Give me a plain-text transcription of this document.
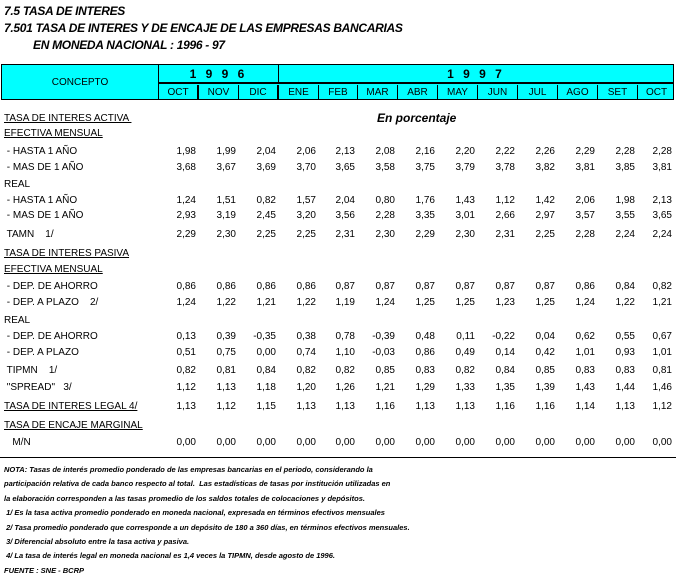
7.5 TASA DE INTERES
7.501 TASA DE INTERES Y DE ENCAJE DE LAS EMPRESAS BANCARIAS
EN MONEDA NACIONAL : 1996 - 97
CONCEPTO
1 9 9 6	1 9 9 7
OCT	NOV	DIC	ENE	FEB	MAR	ABR	MAY	JUN	JUL	AGO	SET	OCT
En porcentaje
TASA DE INTERES ACTIVA
EFECTIVA MENSUAL
- HASTA 1 AÑO	1,98	1,99	2,04	2,06	2,13	2,08	2,16	2,20	2,22	2,26	2,29	2,28	2,28
- MAS DE 1 AÑO	3,68	3,67	3,69	3,70	3,65	3,58	3,75	3,79	3,78	3,82	3,81	3,85	3,81
REAL
- HASTA 1 AÑO	1,24	1,51	0,82	1,57	2,04	0,80	1,76	1,43	1,12	1,42	2,06	1,98	2,13
- MAS DE 1 AÑO	2,93	3,19	2,45	3,20	3,56	2,28	3,35	3,01	2,66	2,97	3,57	3,55	3,65
TAMN    1/	2,29	2,30	2,25	2,25	2,31	2,30	2,29	2,30	2,31	2,25	2,28	2,24	2,24
TASA DE INTERES PASIVA
EFECTIVA MENSUAL
- DEP. DE AHORRO	0,86	0,86	0,86	0,86	0,87	0,87	0,87	0,87	0,87	0,87	0,86	0,84	0,82
- DEP. A PLAZO    2/	1,24	1,22	1,21	1,22	1,19	1,24	1,25	1,25	1,23	1,25	1,24	1,22	1,21
REAL
- DEP. DE AHORRO	0,13	0,39	-0,35	0,38	0,78	-0,39	0,48	0,11	-0,22	0,04	0,62	0,55	0,67
- DEP. A PLAZO	0,51	0,75	0,00	0,74	1,10	-0,03	0,86	0,49	0,14	0,42	1,01	0,93	1,01
TIPMN    1/	0,82	0,81	0,84	0,82	0,82	0,85	0,83	0,82	0,84	0,85	0,83	0,83	0,81
"SPREAD"   3/	1,12	1,13	1,18	1,20	1,26	1,21	1,29	1,33	1,35	1,39	1,43	1,44	1,46
TASA DE INTERES LEGAL 4/	1,13	1,12	1,15	1,13	1,13	1,16	1,13	1,13	1,16	1,16	1,14	1,13	1,12
TASA DE ENCAJE MARGINAL
M/N	0,00	0,00	0,00	0,00	0,00	0,00	0,00	0,00	0,00	0,00	0,00	0,00	0,00
NOTA: Tasas de interés promedio ponderado de las empresas bancarias en el periodo, considerando la
participación relativa de cada banco respecto al total.  Las estadísticas de tasas por institución utilizadas en
la elaboración corresponden a las tasas promedio de los saldos totales de colocaciones y depósitos.
1/ Es la tasa activa promedio ponderado en moneda nacional, expresada en términos efectivos mensuales
2/ Tasa promedio ponderado que corresponde a un depósito de 180 a 360 días, en términos efectivos mensuales.
3/ Diferencial absoluto entre la tasa activa y pasiva.
4/ La tasa de interés legal en moneda nacional es 1,4 veces la TIPMN, desde agosto de 1996.
FUENTE : SNE - BCRP
